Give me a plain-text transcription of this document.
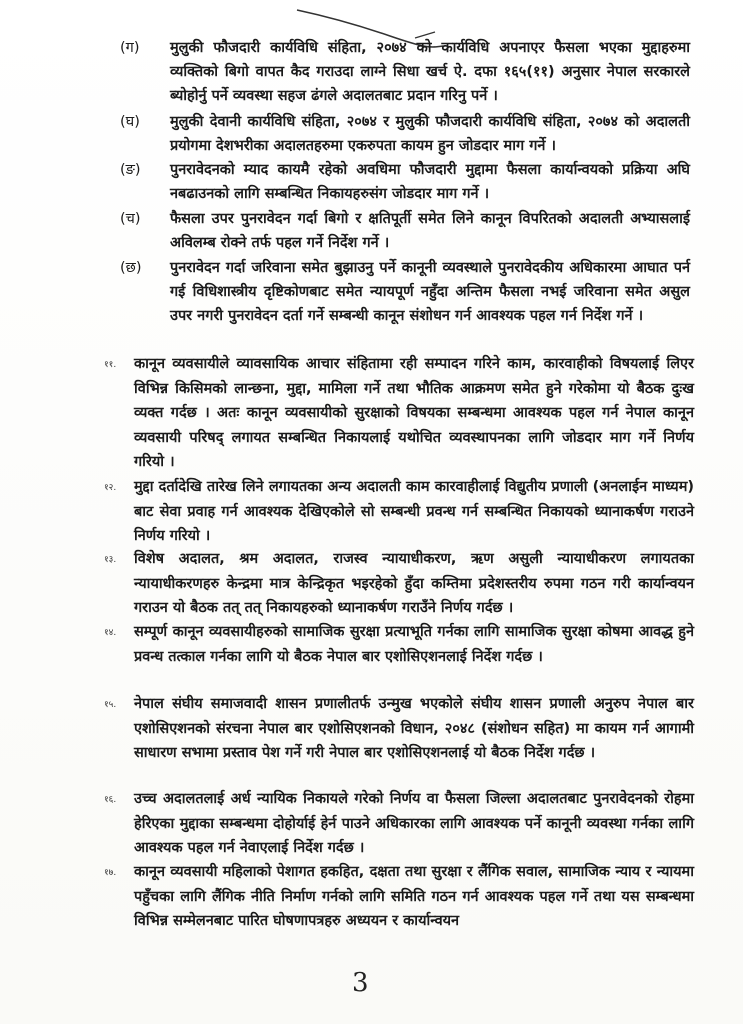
(ग)	मुलुकी फौजदारी कार्यविधि संहिता, २०७४ को कार्यविधि अपनाएर फैसला भएका मुद्दाहरुमा व्यक्तिको बिगो वापत कैद गराउदा लाग्ने सिधा खर्च ऐ. दफा १६५(११) अनुसार नेपाल सरकारले ब्योहोर्नु पर्ने व्यवस्था सहज ढंगले अदालतबाट प्रदान गरिनु पर्ने ।
(घ)	मुलुकी देवानी कार्यविधि संहिता, २०७४ र मुलुकी फौजदारी कार्यविधि संहिता, २०७४ को अदालती प्रयोगमा देशभरीका अदालतहरुमा एकरुपता कायम हुन जोडदार माग गर्ने ।
(ङ)	पुनरावेदनको म्याद कायमै रहेको अवधिमा फौजदारी मुद्दामा फैसला कार्यान्वयको प्रक्रिया अघि नबढाउनको लागि सम्बन्धित निकायहरुसंग जोडदार माग गर्ने ।
(च)	फैसला उपर पुनरावेदन गर्दा बिगो र क्षतिपूर्ती समेत लिने कानून विपरितको अदालती अभ्यासलाई अविलम्ब रोक्ने तर्फ पहल गर्ने निर्देश गर्ने ।
(छ)	पुनरावेदन गर्दा जरिवाना समेत बुझाउनु पर्ने कानूनी व्यवस्थाले पुनरावेदकीय अधिकारमा आघात पर्न गई विधिशास्त्रीय दृष्टिकोणबाट समेत न्यायपूर्ण नहुँदा अन्तिम फैसला नभई जरिवाना समेत असुल उपर नगरी पुनरावेदन दर्ता गर्ने सम्बन्धी कानून संशोधन गर्न आवश्यक पहल गर्न निर्देश गर्ने ।
११. कानून व्यवसायीले व्यावसायिक आचार संहितामा रही सम्पादन गरिने काम, कारवाहीको विषयलाई लिएर विभिन्न किसिमको लान्छना, मुद्दा, मामिला गर्ने तथा भौतिक आक्रमण समेत हुने गरेकोमा यो बैठक दुःख व्यक्त गर्दछ । अतः कानून व्यवसायीको सुरक्षाको विषयका सम्बन्धमा आवश्यक पहल गर्न नेपाल कानून व्यवसायी परिषद् लगायत सम्बन्धित निकायलाई यथोचित व्यवस्थापनका लागि जोडदार माग गर्ने निर्णय गरियो ।
१२. मुद्दा दर्तादेखि तारेख लिने लगायतका अन्य अदालती काम कारवाहीलाई विद्युतीय प्रणाली (अनलाईन माध्यम) बाट सेवा प्रवाह गर्न आवश्यक देखिएकोले सो सम्बन्धी प्रवन्ध गर्न सम्बन्धित निकायको ध्यानाकर्षण गराउने निर्णय गरियो ।
१३. विशेष अदालत, श्रम अदालत, राजस्व न्यायाधीकरण, ऋण असुली न्यायाधीकरण लगायतका न्यायाधीकरणहरु केन्द्रमा मात्र केन्द्रिकृत भइरहेको हुँदा कम्तिमा प्रदेशस्तरीय रुपमा गठन गरी कार्यान्वयन गराउन यो बैठक तत् तत् निकायहरुको ध्यानाकर्षण गराउँने निर्णय गर्दछ ।
१४. सम्पूर्ण कानून व्यवसायीहरुको सामाजिक सुरक्षा प्रत्याभूति गर्नका लागि सामाजिक सुरक्षा कोषमा आवद्ध हुने प्रवन्ध तत्काल गर्नका लागि यो बैठक नेपाल बार एशोसिएशनलाई निर्देश गर्दछ ।
१५. नेपाल संघीय समाजवादी शासन प्रणालीतर्फ उन्मुख भएकोले संघीय शासन प्रणाली अनुरुप नेपाल बार एशोसिएशनको संरचना नेपाल बार एशोसिएशनको विधान, २०४८ (संशोधन सहित) मा कायम गर्न आगामी साधारण सभामा प्रस्ताव पेश गर्ने गरी नेपाल बार एशोसिएशनलाई यो बैठक निर्देश गर्दछ ।
१६. उच्च अदालतलाई अर्ध न्यायिक निकायले गरेको निर्णय वा फैसला जिल्ला अदालतबाट पुनरावेदनको रोहमा हेरिएका मुद्दाका सम्बन्धमा दोहोर्याई हेर्न पाउने अधिकारका लागि आवश्यक पर्ने कानूनी व्यवस्था गर्नका लागि आवश्यक पहल गर्न नेवाएलाई निर्देश गर्दछ ।
१७. कानून व्यवसायी महिलाको पेशागत हकहित, दक्षता तथा सुरक्षा र लैंगिक सवाल, सामाजिक न्याय र न्यायमा पहुँचका लागि लैंगिक नीति निर्माण गर्नको लागि समिति गठन गर्न आवश्यक पहल गर्ने तथा यस सम्बन्धमा विभिन्न सम्मेलनबाट पारित घोषणापत्रहरु अध्ययन र कार्यान्वयन
3
